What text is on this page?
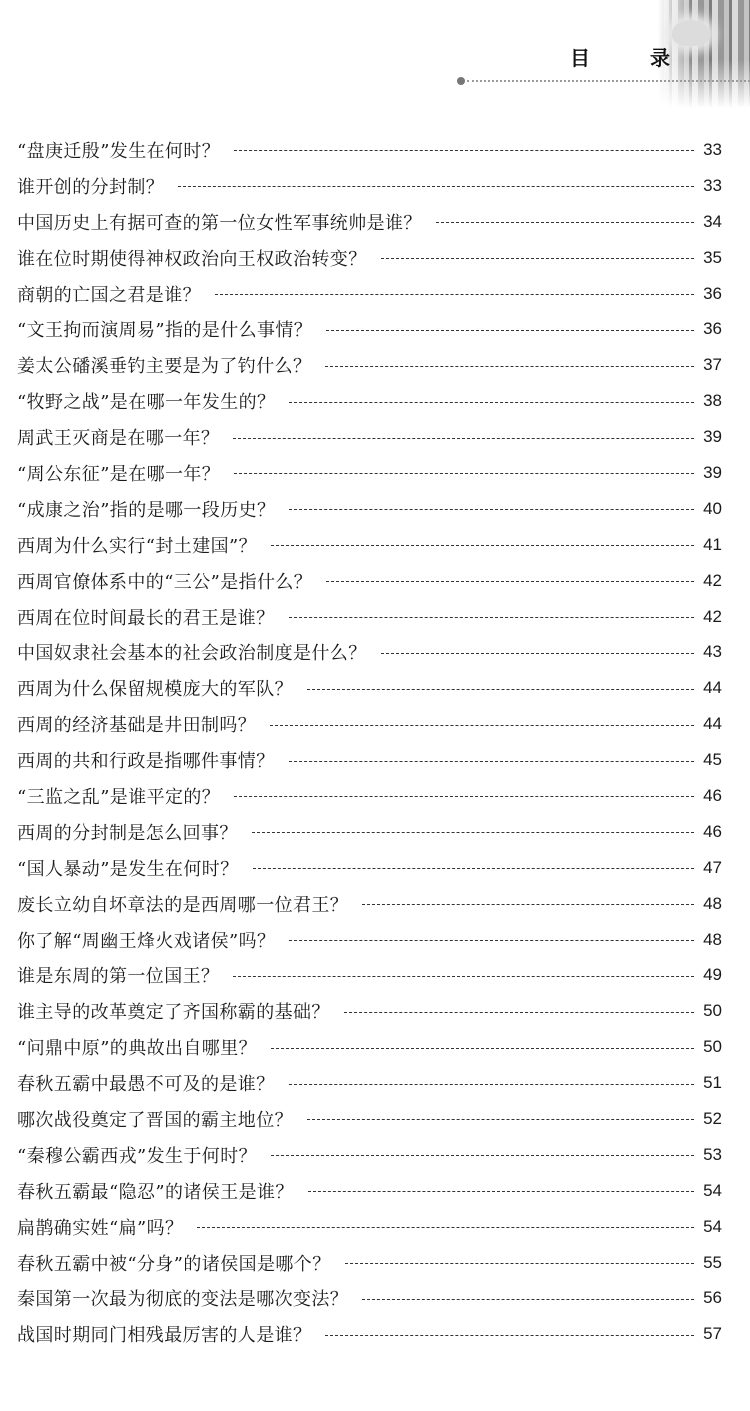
目	录
“盘庚迁殷”发生在何时？	33
谁开创的分封制？	33
中国历史上有据可查的第一位女性军事统帅是谁？	34
谁在位时期使得神权政治向王权政治转变？	35
商朝的亡国之君是谁？	36
“文王拘而演周易”指的是什么事情？	36
姜太公磻溪垂钓主要是为了钓什么？	37
“牧野之战”是在哪一年发生的？	38
周武王灭商是在哪一年？	39
“周公东征”是在哪一年？	39
“成康之治”指的是哪一段历史？	40
西周为什么实行“封土建国”？	41
西周官僚体系中的“三公”是指什么？	42
西周在位时间最长的君王是谁？	42
中国奴隶社会基本的社会政治制度是什么？	43
西周为什么保留规模庞大的军队？	44
西周的经济基础是井田制吗？	44
西周的共和行政是指哪件事情？	45
“三监之乱”是谁平定的？	46
西周的分封制是怎么回事？	46
“国人暴动”是发生在何时？	47
废长立幼自坏章法的是西周哪一位君王？	48
你了解“周幽王烽火戏诸侯”吗？	48
谁是东周的第一位国王？	49
谁主导的改革奠定了齐国称霸的基础？	50
“问鼎中原”的典故出自哪里？	50
春秋五霸中最愚不可及的是谁？	51
哪次战役奠定了晋国的霸主地位？	52
“秦穆公霸西戎”发生于何时？	53
春秋五霸最“隐忍”的诸侯王是谁？	54
扁鹊确实姓“扁”吗？	54
春秋五霸中被“分身”的诸侯国是哪个？	55
秦国第一次最为彻底的变法是哪次变法？	56
战国时期同门相残最厉害的人是谁？	57
